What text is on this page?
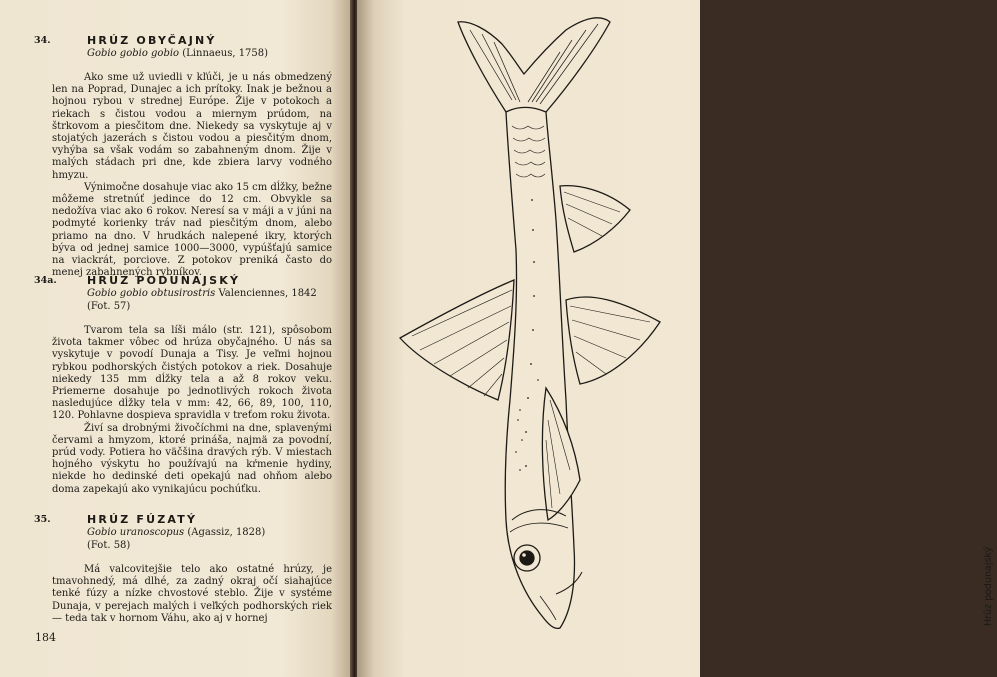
34.	HRÚZ OBYČAJNÝ
Gobio gobio gobio (Linnaeus, 1758)

Ako sme už uviedli v kľúči, je u nás obmedzený len na Poprad, Dunajec a ich prítoky. Inak je bežnou a hojnou rybou v strednej Európe. Žije v potokoch a riekach s čistou vodou a miernym prúdom, na štrkovom a piesčitom dne. Niekedy sa vyskytuje aj v stojatých jazerách s čistou vodou a piesčitým dnom, vyhýba sa však vodám so zabahneným dnom. Žije v malých stádach pri dne, kde zbiera larvy vodného hmyzu.

Výnimočne dosahuje viac ako 15 cm dĺžky, bežne môžeme stretnúť jedince do 12 cm. Obvykle sa nedožíva viac ako 6 rokov. Neresí sa v máji a v júni na podmyté korienky tráv nad piesčitým dnom, alebo priamo na dno. V hrudkách nalepené ikry, ktorých býva od jednej samice 1000—3000, vypúšťajú samice na viackrát, porciove. Z potokov preniká často do menej zabahnených rybníkov.

34a.	HRÚZ PODUNAJSKÝ
Gobio gobio obtusirostris Valenciennes, 1842
(Fot. 57)

Tvarom tela sa líši málo (str. 121), spôsobom života takmer vôbec od hrúza obyčajného. U nás sa vyskytuje v povodí Dunaja a Tisy. Je veľmi hojnou rybkou podhorských čistých potokov a riek. Dosahuje niekedy 135 mm dĺžky tela a až 8 rokov veku. Priemerne dosahuje po jednotlivých rokoch života nasledujúce dĺžky tela v mm: 42, 66, 89, 100, 110, 120. Pohlavne dospieva spravidla v treťom roku života.

Živí sa drobnými živočíchmi na dne, splavenými červami a hmyzom, ktoré prináša, najmä za povodní, prúd vody. Potiera ho väčšina dravých rýb. V miestach hojného výskytu ho používajú na kŕmenie hydiny, niekde ho dedinské deti opekajú nad ohňom alebo doma zapekajú ako vynikajúcu pochúťku.

35.	HRÚZ FÚZATÝ
Gobio uranoscopus (Agassiz, 1828)
(Fot. 58)

Má valcovitejšie telo ako ostatné hrúzy, je tmavohnedý, má dlhé, za zadný okraj očí siahajúce tenké fúzy a nízke chvostové steblo. Žije v systéme Dunaja, v perejach malých i veľkých podhorských riek — teda tak v hornom Váhu, ako aj v hornej

184
Hrúz podunajský
